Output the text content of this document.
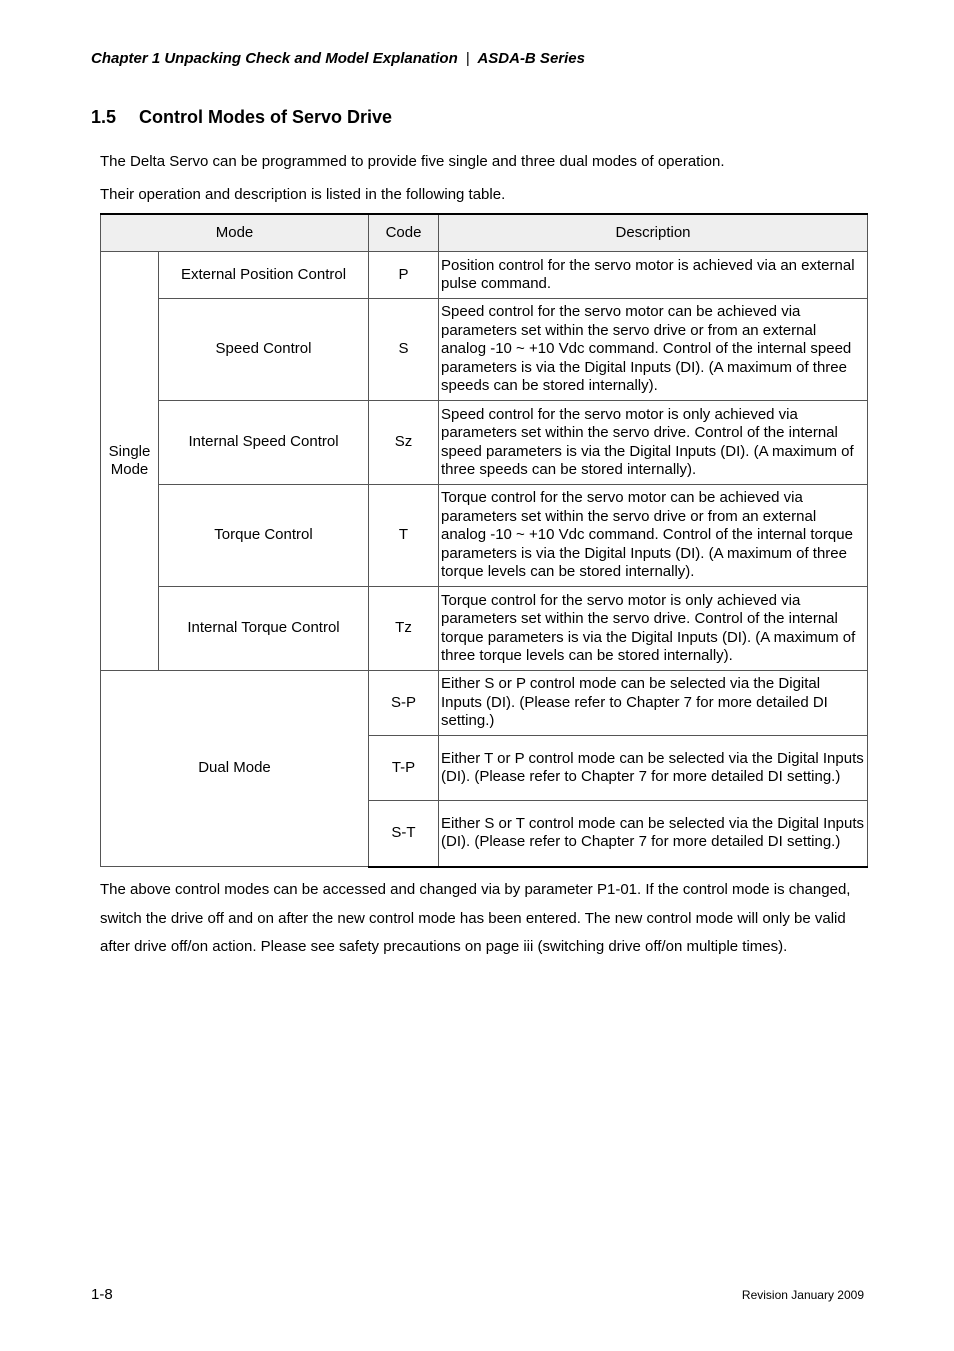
Chapter 1 Unpacking Check and Model Explanation | ASDA-B Series
1.5 Control Modes of Servo Drive
The Delta Servo can be programmed to provide five single and three dual modes of operation.
Their operation and description is listed in the following table.
Mode		Code	Description
Single Mode	External Position Control	P	Position control for the servo motor is achieved via an external pulse command.
	Speed Control	S	Speed control for the servo motor can be achieved via parameters set within the servo drive or from an external analog -10 ~ +10 Vdc command. Control of the internal speed parameters is via the Digital Inputs (DI). (A maximum of three speeds can be stored internally).
	Internal Speed Control	Sz	Speed control for the servo motor is only achieved via parameters set within the servo drive. Control of the internal speed parameters is via the Digital Inputs (DI). (A maximum of three speeds can be stored internally).
	Torque Control	T	Torque control for the servo motor can be achieved via parameters set within the servo drive or from an external analog -10 ~ +10 Vdc command. Control of the internal torque parameters is via the Digital Inputs (DI). (A maximum of three torque levels can be stored internally).
	Internal Torque Control	Tz	Torque control for the servo motor is only achieved via parameters set within the servo drive. Control of the internal torque parameters is via the Digital Inputs (DI). (A maximum of three torque levels can be stored internally).
Dual Mode		S-P	Either S or P control mode can be selected via the Digital Inputs (DI). (Please refer to Chapter 7 for more detailed DI setting.)
		T-P	Either T or P control mode can be selected via the Digital Inputs (DI). (Please refer to Chapter 7 for more detailed DI setting.)
		S-T	Either S or T control mode can be selected via the Digital Inputs (DI). (Please refer to Chapter 7 for more detailed DI setting.)
The above control modes can be accessed and changed via by parameter P1-01. If the control mode is changed, switch the drive off and on after the new control mode has been entered. The new control mode will only be valid after drive off/on action. Please see safety precautions on page iii (switching drive off/on multiple times).
1-8	Revision January 2009
